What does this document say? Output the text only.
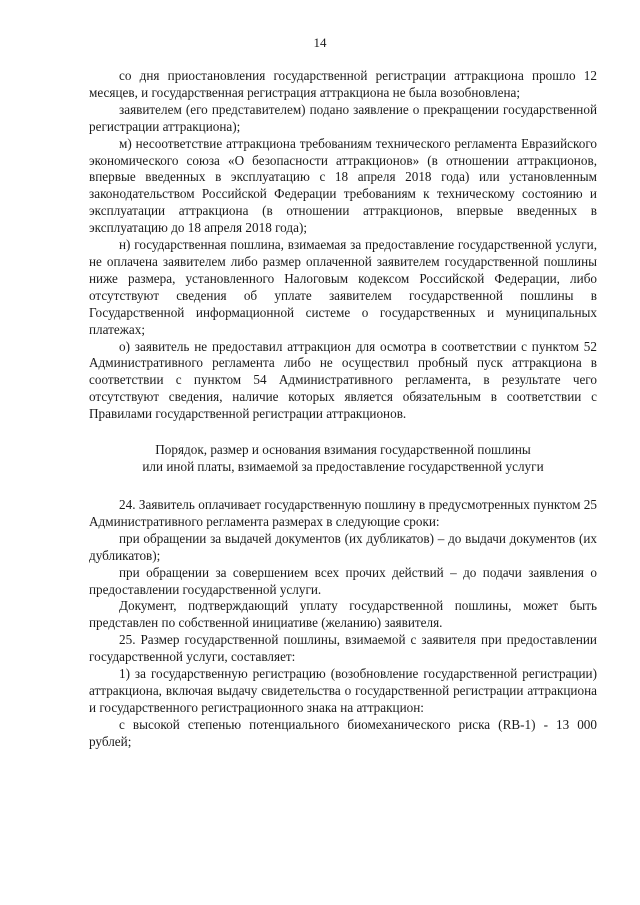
14

со дня приостановления государственной регистрации аттракциона прошло 12 месяцев, и государственная регистрация аттракциона не была возобновлена;

заявителем (его представителем) подано заявление о прекращении государственной регистрации аттракциона);

м) несоответствие аттракциона требованиям технического регламента Евразийского экономического союза «О безопасности аттракционов» (в отношении аттракционов, впервые введенных в эксплуатацию с 18 апреля 2018 года) или установленным законодательством Российской Федерации требованиям к техническому состоянию и эксплуатации аттракциона (в отношении аттракционов, впервые введенных в эксплуатацию до 18 апреля 2018 года);

н) государственная пошлина, взимаемая за предоставление государственной услуги, не оплачена заявителем либо размер оплаченной заявителем государственной пошлины ниже размера, установленного Налоговым кодексом Российской Федерации, либо отсутствуют сведения об уплате заявителем государственной пошлины в Государственной информационной системе о государственных и муниципальных платежах;

о) заявитель не предоставил аттракцион для осмотра в соответствии с пунктом 52 Административного регламента либо не осуществил пробный пуск аттракциона в соответствии с пунктом 54 Административного регламента, в результате чего отсутствуют сведения, наличие которых является обязательным в соответствии с Правилами государственной регистрации аттракционов.

Порядок, размер и основания взимания государственной пошлины
или иной платы, взимаемой за предоставление государственной услуги

24. Заявитель оплачивает государственную пошлину в предусмотренных пунктом 25 Административного регламента размерах в следующие сроки:

при обращении за выдачей документов (их дубликатов) – до выдачи документов (их дубликатов);

при обращении за совершением всех прочих действий – до подачи заявления о предоставлении государственной услуги.

Документ, подтверждающий уплату государственной пошлины, может быть представлен по собственной инициативе (желанию) заявителя.

25. Размер государственной пошлины, взимаемой с заявителя при предоставлении государственной услуги, составляет:

1) за государственную регистрацию (возобновление государственной регистрации) аттракциона, включая выдачу свидетельства о государственной регистрации аттракциона и государственного регистрационного знака на аттракцион:

с высокой степенью потенциального биомеханического риска (RB-1) - 13 000 рублей;
